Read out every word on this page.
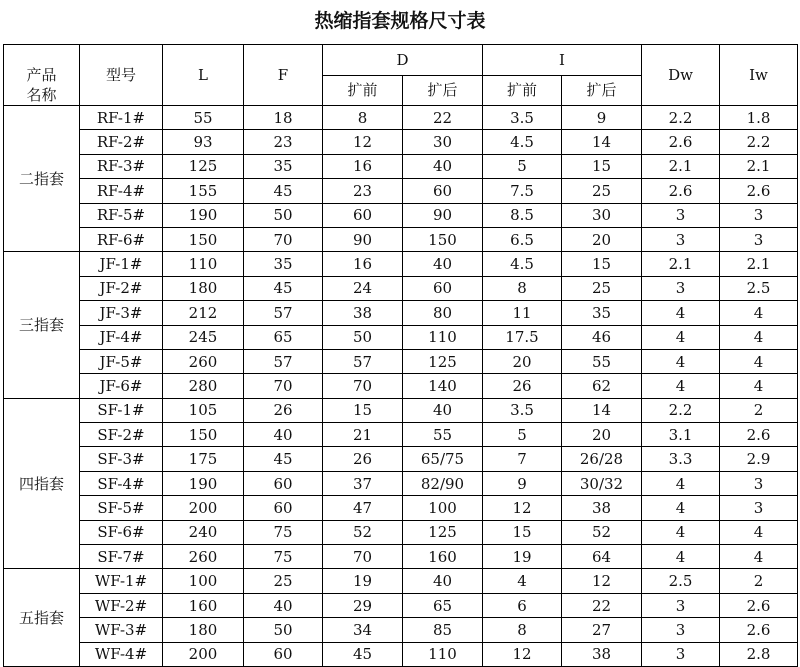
热缩指套规格尺寸表

产品
名称	型号	L	F	D		I		Dw	Iw
				扩前	扩后	扩前	扩后		
二指套	RF-1#	55	18	8	22	3.5	9	2.2	1.8
	RF-2#	93	23	12	30	4.5	14	2.6	2.2
	RF-3#	125	35	16	40	5	15	2.1	2.1
	RF-4#	155	45	23	60	7.5	25	2.6	2.6
	RF-5#	190	50	60	90	8.5	30	3	3
	RF-6#	150	70	90	150	6.5	20	3	3
三指套	JF-1#	110	35	16	40	4.5	15	2.1	2.1
	JF-2#	180	45	24	60	8	25	3	2.5
	JF-3#	212	57	38	80	11	35	4	4
	JF-4#	245	65	50	110	17.5	46	4	4
	JF-5#	260	57	57	125	20	55	4	4
	JF-6#	280	70	70	140	26	62	4	4
四指套	SF-1#	105	26	15	40	3.5	14	2.2	2
	SF-2#	150	40	21	55	5	20	3.1	2.6
	SF-3#	175	45	26	65/75	7	26/28	3.3	2.9
	SF-4#	190	60	37	82/90	9	30/32	4	3
	SF-5#	200	60	47	100	12	38	4	3
	SF-6#	240	75	52	125	15	52	4	4
	SF-7#	260	75	70	160	19	64	4	4
五指套	WF-1#	100	25	19	40	4	12	2.5	2
	WF-2#	160	40	29	65	6	22	3	2.6
	WF-3#	180	50	34	85	8	27	3	2.6
	WF-4#	200	60	45	110	12	38	3	2.8
